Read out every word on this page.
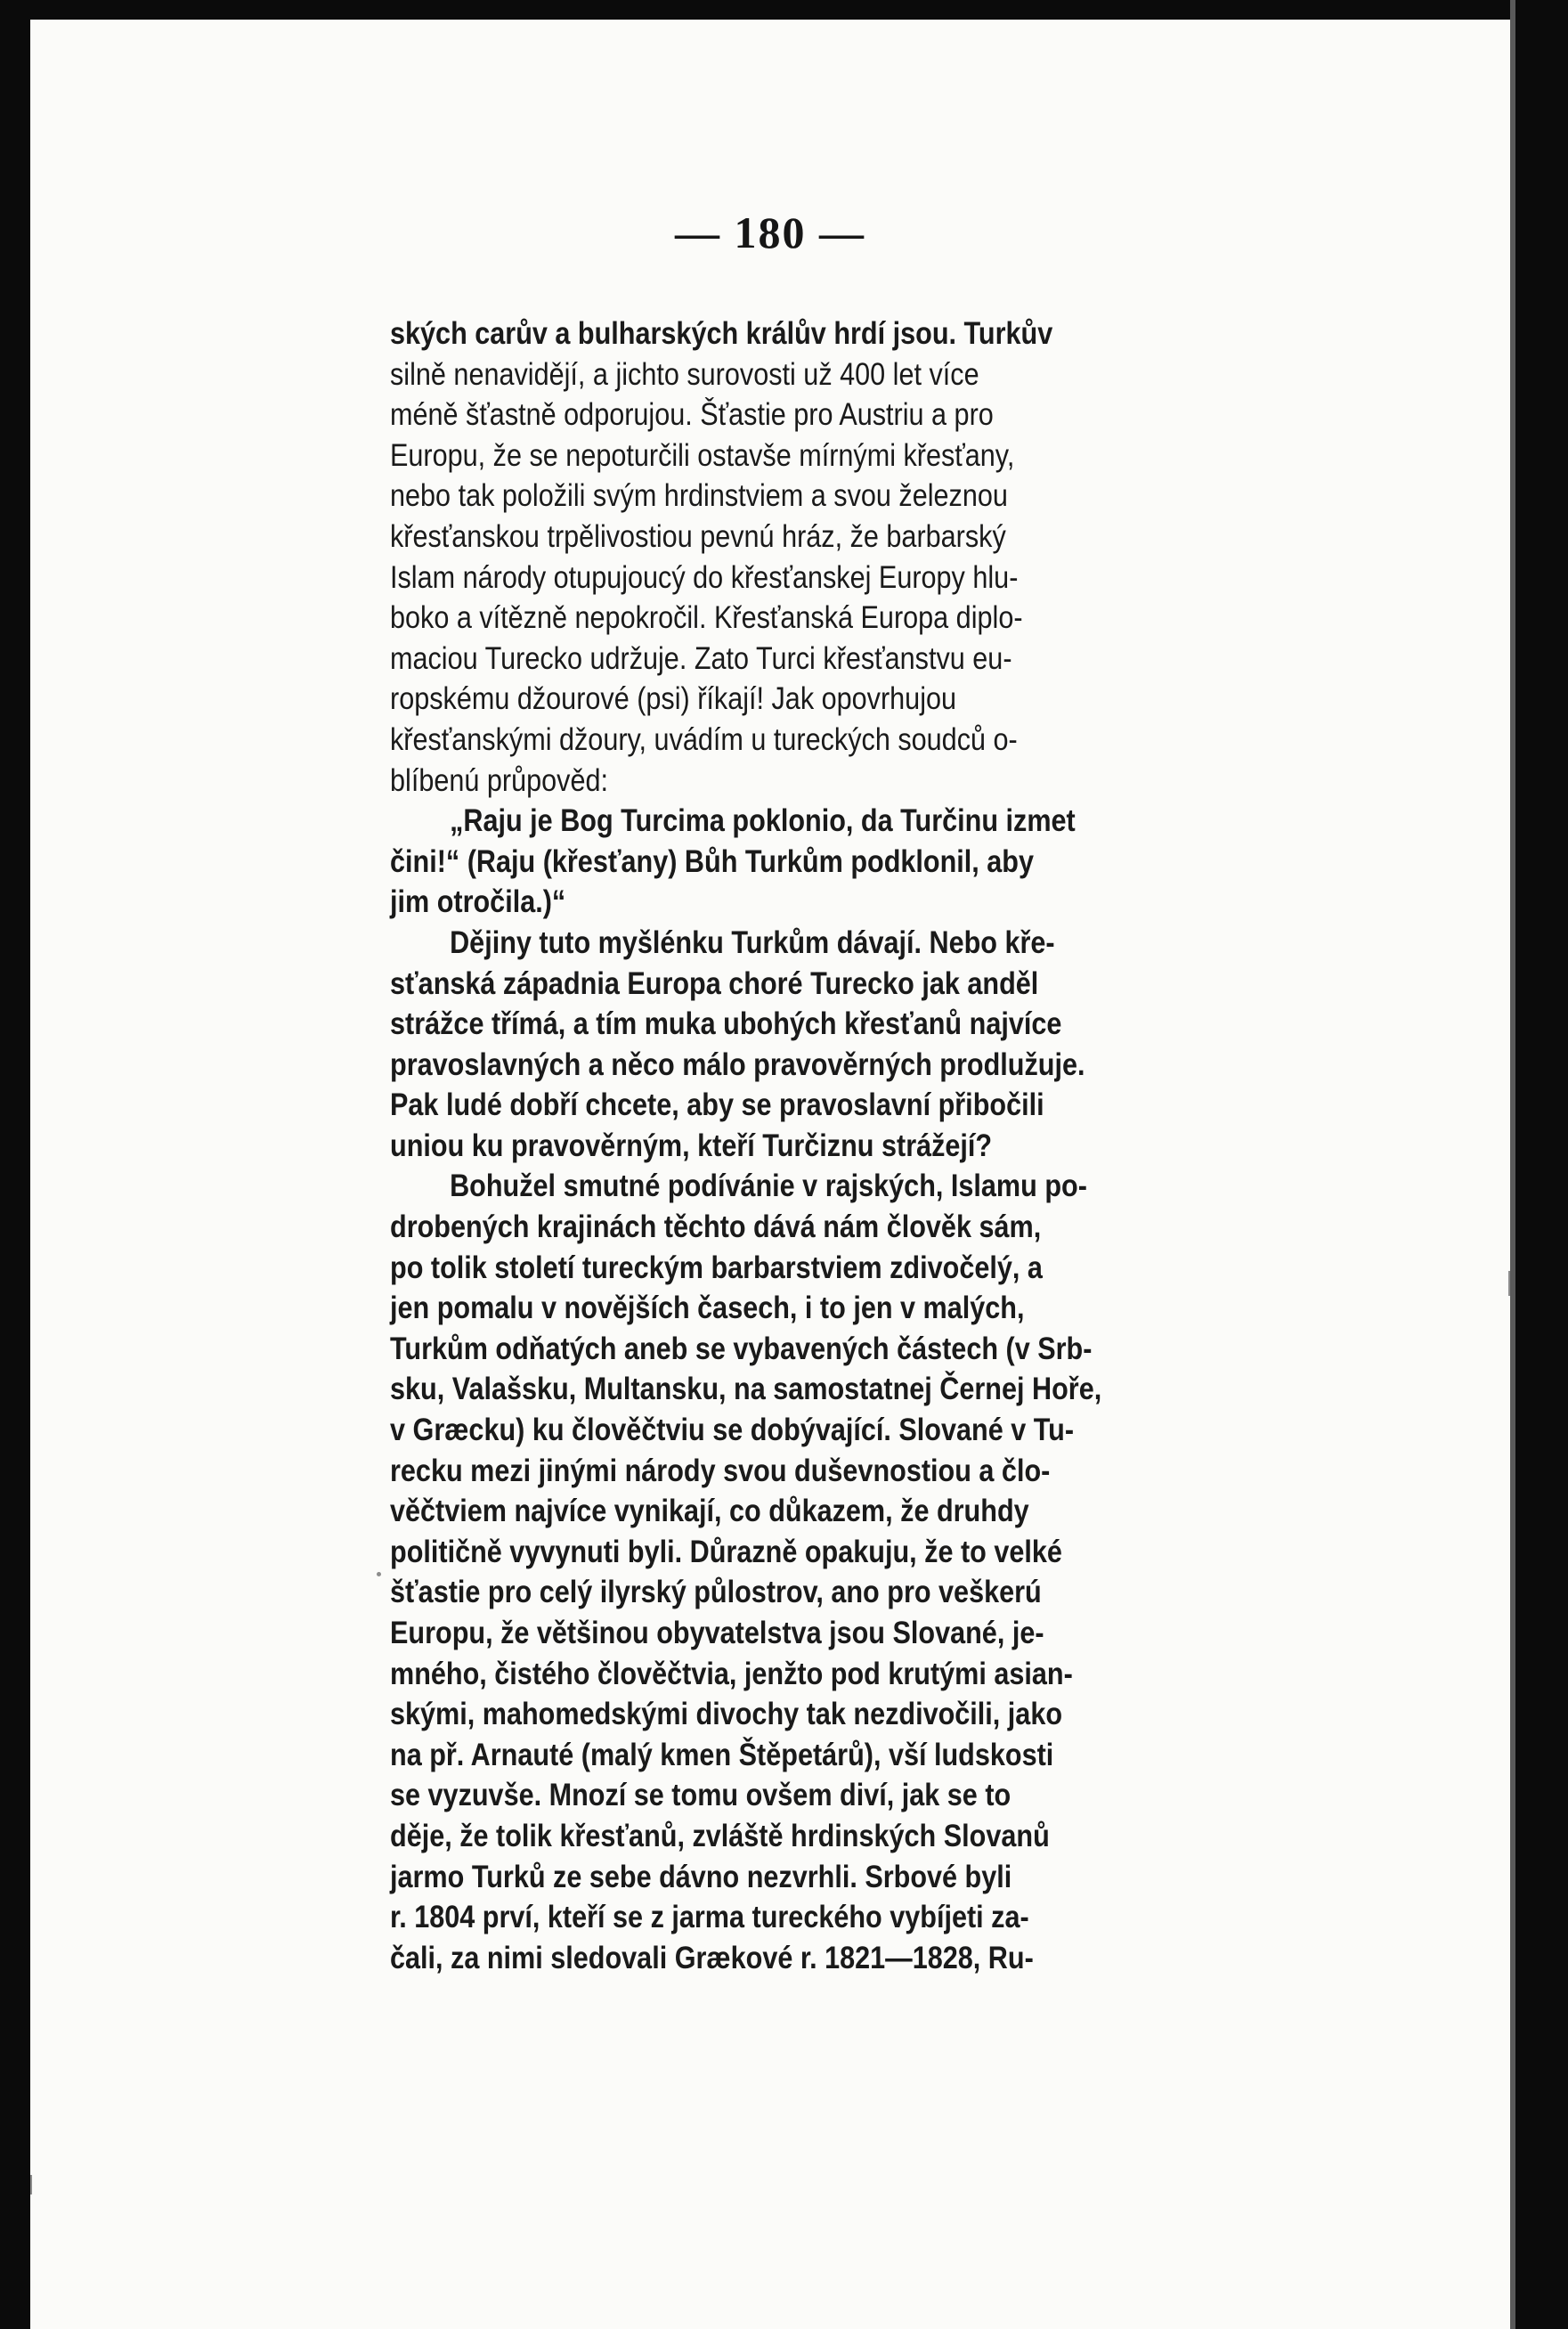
— 180 —
ských carův a bulharských králův hrdí jsou. Turkův
silně nenavidějí, a jichto surovosti už 400 let více
méně šťastně odporujou. Šťastie pro Austriu a pro
Europu, že se nepoturčili ostavše mírnými křesťany,
nebo tak položili svým hrdinstviem a svou železnou
křesťanskou trpělivostiou pevnú hráz, že barbarský
Islam národy otupujoucý do křesťanskej Europy hlu-
boko a vítězně nepokročil. Křesťanská Europa diplo-
maciou Turecko udržuje. Zato Turci křesťanstvu eu-
ropskému džourové (psi) říkají! Jak opovrhujou
křesťanskými džoury, uvádím u tureckých soudců o-
blíbenú průpověd:
„Raju je Bog Turcima poklonio, da Turčinu izmet
čini!“ (Raju (křesťany) Bůh Turkům podklonil, aby
jim otročila.)“
Dějiny tuto myšlénku Turkům dávají. Nebo kře-
sťanská západnia Europa choré Turecko jak anděl
strážce třímá, a tím muka ubohých křesťanů najvíce
pravoslavných a něco málo pravověrných prodlužuje.
Pak ludé dobří chcete, aby se pravoslavní přibočili
uniou ku pravověrným, kteří Turčiznu strážejí?
Bohužel smutné podívánie v rajských, Islamu po-
drobených krajinách těchto dává nám člověk sám,
po tolik století tureckým barbarstviem zdivočelý, a
jen pomalu v novějších časech, i to jen v malých,
Turkům odňatých aneb se vybavených částech (v Srb-
sku, Valašsku, Multansku, na samostatnej Černej Hoře,
v Græcku) ku člověčtviu se dobývající. Slované v Tu-
recku mezi jinými národy svou duševnostiou a člo-
věčtviem najvíce vynikají, co důkazem, že druhdy
političně vyvynuti byli. Důrazně opakuju, že to velké
šťastie pro celý ilyrský půlostrov, ano pro veškerú
Europu, že většinou obyvatelstva jsou Slované, je-
mného, čistého člověčtvia, jenžto pod krutými asian-
skými, mahomedskými divochy tak nezdivočili, jako
na př. Arnauté (malý kmen Štěpetárů), vší ludskosti
se vyzuvše. Mnozí se tomu ovšem diví, jak se to
děje, že tolik křesťanů, zvláště hrdinských Slovanů
jarmo Turků ze sebe dávno nezvrhli. Srbové byli
r. 1804 prví, kteří se z jarma tureckého vybíjeti za-
čali, za nimi sledovali Grækové r. 1821—1828, Ru-
